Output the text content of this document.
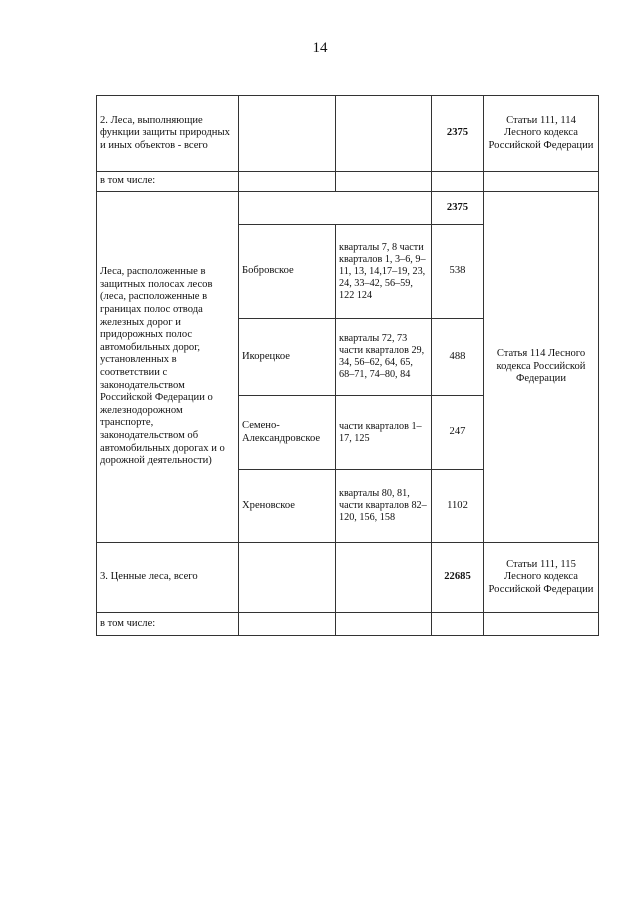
14
2. Леса, выполняющие функции защиты природных и иных объектов - всего			2375	Статьи 111, 114 Лесного кодекса Российской Федерации
в том числе:				
Леса, расположенные в защитных полосах лесов (леса, расположенные в границах полос отвода железных дорог и придорожных полос автомобильных дорог, установленных в соответствии с законодательством Российской Федерации о железнодорожном транспорте, законодательством об автомобильных дорогах и о дорожной деятельности)			2375	Статья 114 Лесного кодекса Российской Федерации
	Бобровское	кварталы 7, 8 части кварталов 1, 3–6, 9–11, 13, 14,17–19, 23, 24, 33–42, 56–59, 122 124	538	
	Икорецкое	кварталы 72, 73 части кварталов 29, 34, 56–62, 64, 65, 68–71, 74–80, 84	488	
	Семено-Александровское	части кварталов 1–17, 125	247	
	Хреновское	кварталы 80, 81, части кварталов 82–120, 156, 158	1102	
3. Ценные леса, всего			22685	Статьи 111, 115 Лесного кодекса Российской Федерации
в том числе:				
